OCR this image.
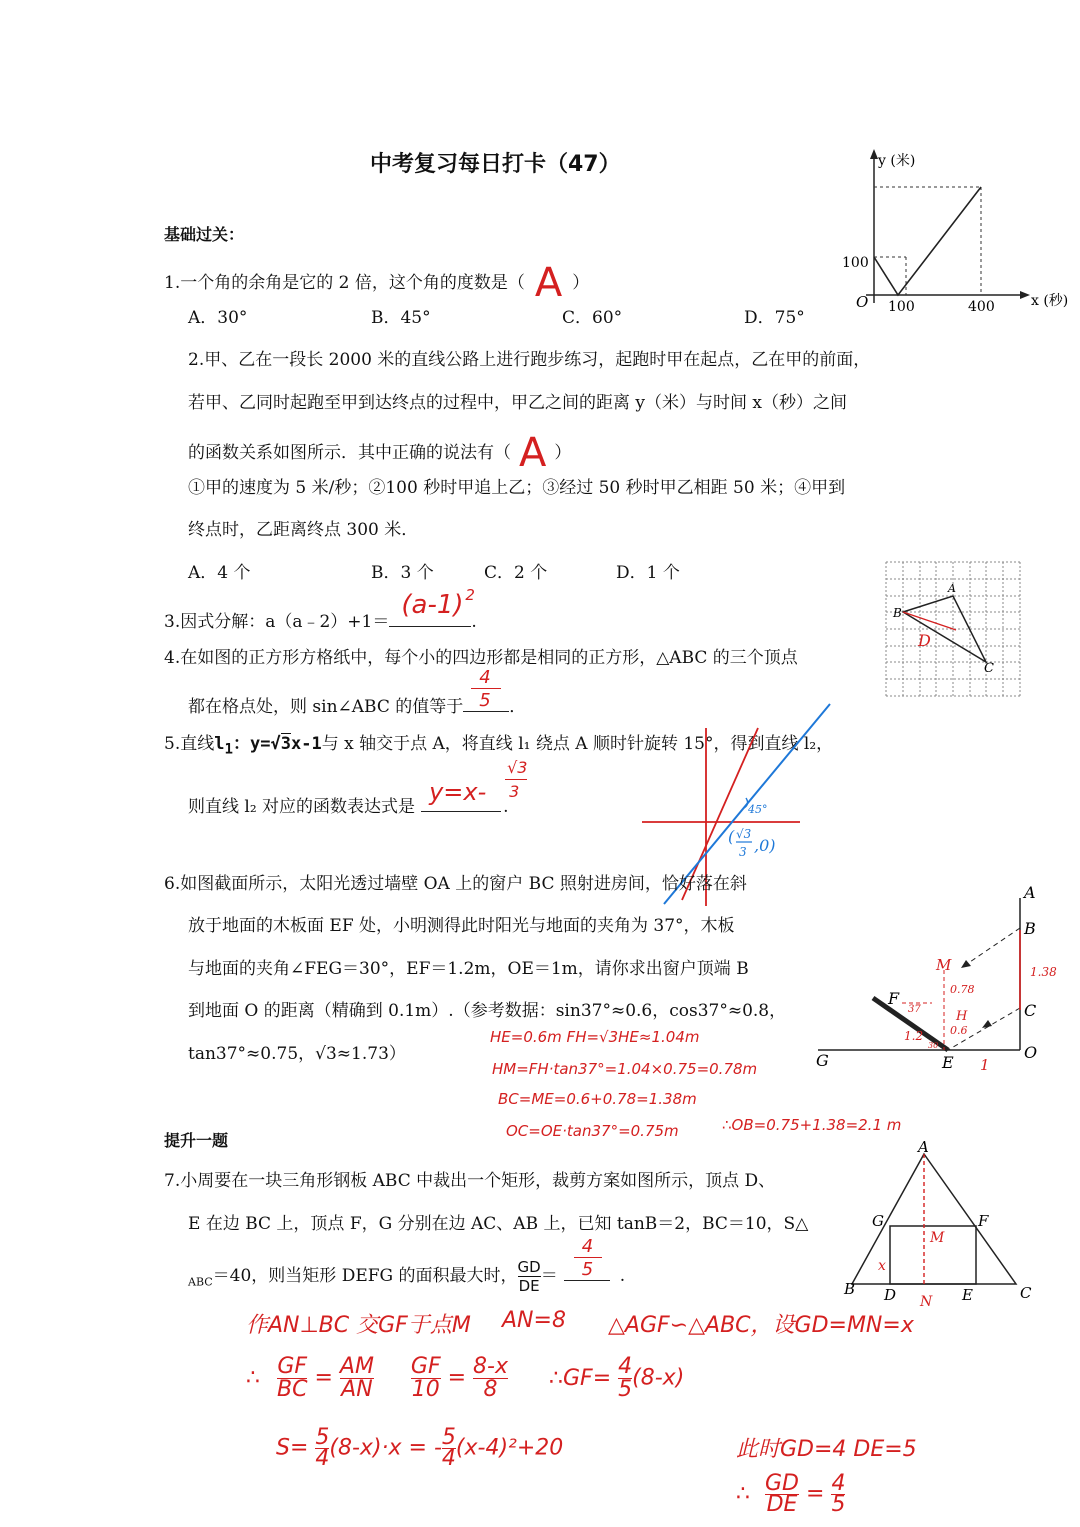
中考复习每日打卡（47）
基础过关：
1.一个角的余角是它的 2 倍，这个角的度数是（ A ）
A．30°	B．45°	C．60°	D．75°
y (米)
x (秒)
O
100
100	400
2.甲、乙在一段长 2000 米的直线公路上进行跑步练习，起跑时甲在起点，乙在甲的前面，
若甲、乙同时起跑至甲到达终点的过程中，甲乙之间的距离 y（米）与时间 x（秒）之间
的函数关系如图所示．其中正确的说法有（ A ）
①甲的速度为 5 米/秒；②100 秒时甲追上乙；③经过 50 秒时甲乙相距 50 米；④甲到
终点时，乙距离终点 300 米．
A．4 个	B．3 个	C．2 个	D．1 个
B
A
C
D
3.因式分解：a（a﹣2）+1＝
(a-1) 2
.
4.在如图的正方形方格纸中，每个小的四边形都是相同的正方形，△ABC 的三个顶点
都在格点处，则 sin∠ABC 的值等于 $\frac{4}{5}$ ．
5.直线$l_1$：y=√3x-1与 x 轴交于点 A，将直线 l₁ 绕点 A 顺时针旋转 15°，得到直线 l₂，
则直线 l₂ 对应的函数表达式是
y=x-
√3
3
.	45°
( √3
3 ,0)
6.如图截面所示，太阳光透过墙壁 OA 上的窗户 BC 照射进房间，恰好落在斜
放于地面的木板面 EF 处，小明测得此时阳光与地面的夹角为 37°，木板
与地面的夹角∠FEG＝30°，EF＝1.2m，OE＝1m，请你求出窗户顶端 B
到地面 O 的距离（精确到 0.1m）.（参考数据：sin37°≈0.6，cos37°≈0.8，
tan37°≈0.75，√3≈1.73）
A
B
C
O
E
F
G
M
0.78
H
1.38
0.6
1.2
37
30
1
HE=0.6m FH=√3HE≈1.04m
HM=FH·tan37°=1.04×0.75=0.78m
BC=ME=0.6+0.78=1.38m
OC=OE·tan37°=0.75m	∴OB=0.75+1.38=2.1 m
提升一题
7.小周要在一块三角形钢板 ABC 中裁出一个矩形，裁剪方案如图所示，顶点 D、
E 在边 BC 上，顶点 F，G 分别在边 AC、AB 上，已知 tanB＝2，BC＝10，S△
$_{ABC}$＝40，则当矩形 DEFG 的面积最大时， $\frac{GD}{DE} = \frac{4}{5}$ .
A
B	C
D	E
F
G
M
N
x
作AN⊥BC 交GF于点M AN=8 △AGF∽△ABC，设GD=MN=x
∴ $\frac{GF}{BC} = \frac{AM}{AN}$
$\frac{GF}{10} = \frac{8-x}{8}$ ∴GF= $\frac{4}{5} (8-x)$
$S= \frac{5}{4} (8-x)\cdot x$ = - $\frac{5}{4} (x-4)^2+20$	此时GD=4 DE=5
∴ $\frac{GD}{DE} = \frac{4}{5}$
